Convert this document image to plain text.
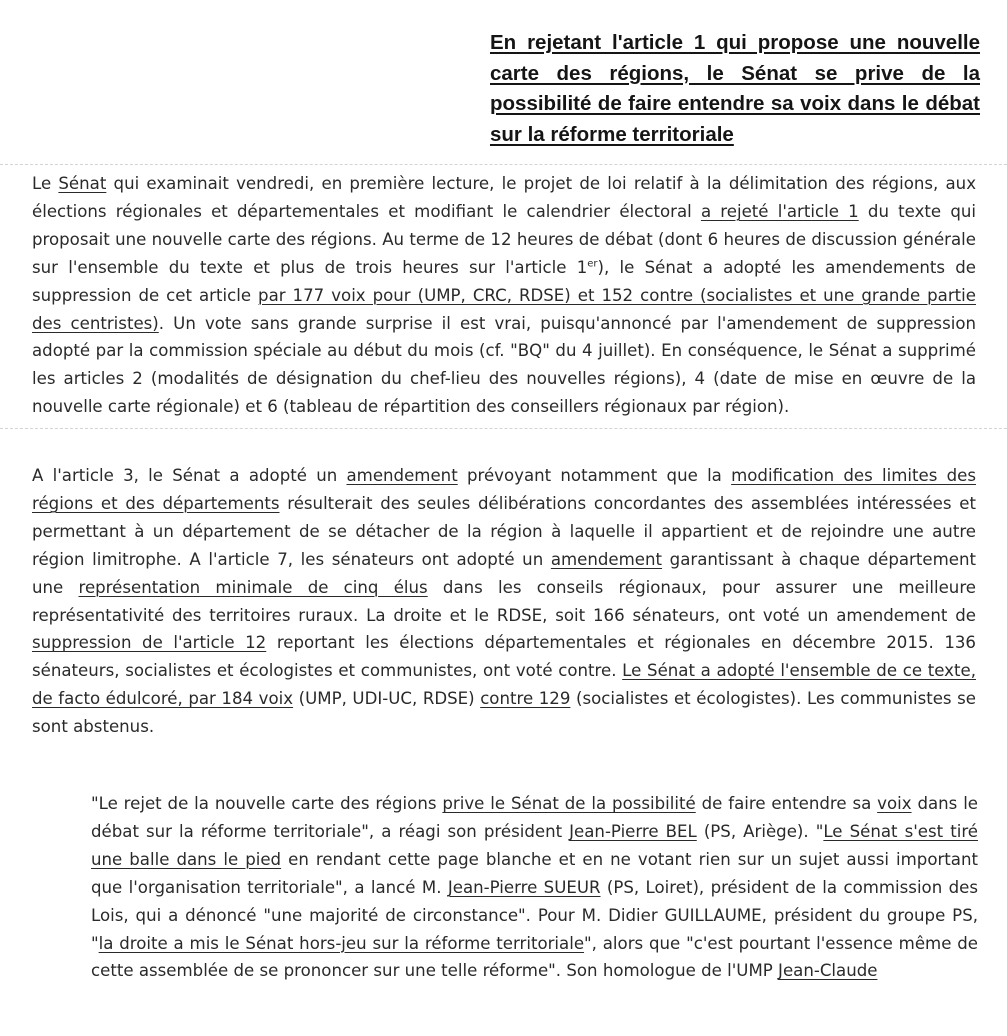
En rejetant l'article 1 qui propose une nouvelle carte des régions, le Sénat se prive de la possibilité de faire entendre sa voix dans le débat sur la réforme territoriale

Le Sénat qui examinait vendredi, en première lecture, le projet de loi relatif à la délimitation des régions, aux élections régionales et départementales et modifiant le calendrier électoral a rejeté l'article 1 du texte qui proposait une nouvelle carte des régions. Au terme de 12 heures de débat (dont 6 heures de discussion générale sur l'ensemble du texte et plus de trois heures sur l'article 1er), le Sénat a adopté les amendements de suppression de cet article par 177 voix pour (UMP, CRC, RDSE) et 152 contre (socialistes et une grande partie des centristes). Un vote sans grande surprise il est vrai, puisqu'annoncé par l'amendement de suppression adopté par la commission spéciale au début du mois (cf. "BQ" du 4 juillet). En conséquence, le Sénat a supprimé les articles 2 (modalités de désignation du chef-lieu des nouvelles régions), 4 (date de mise en œuvre de la nouvelle carte régionale) et 6 (tableau de répartition des conseillers régionaux par région).

A l'article 3, le Sénat a adopté un amendement prévoyant notamment que la modification des limites des régions et des départements résulterait des seules délibérations concordantes des assemblées intéressées et permettant à un département de se détacher de la région à laquelle il appartient et de rejoindre une autre région limitrophe. A l'article 7, les sénateurs ont adopté un amendement garantissant à chaque département une représentation minimale de cinq élus dans les conseils régionaux, pour assurer une meilleure représentativité des territoires ruraux. La droite et le RDSE, soit 166 sénateurs, ont voté un amendement de suppression de l'article 12 reportant les élections départementales et régionales en décembre 2015. 136 sénateurs, socialistes et écologistes et communistes, ont voté contre. Le Sénat a adopté l'ensemble de ce texte, de facto édulcoré, par 184 voix (UMP, UDI-UC, RDSE) contre 129 (socialistes et écologistes). Les communistes se sont abstenus.

"Le rejet de la nouvelle carte des régions prive le Sénat de la possibilité de faire entendre sa voix dans le débat sur la réforme territoriale", a réagi son président Jean-Pierre BEL (PS, Ariège). "Le Sénat s'est tiré une balle dans le pied en rendant cette page blanche et en ne votant rien sur un sujet aussi important que l'organisation territoriale", a lancé M. Jean-Pierre SUEUR (PS, Loiret), président de la commission des Lois, qui a dénoncé "une majorité de circonstance". Pour M. Didier GUILLAUME, président du groupe PS, "la droite a mis le Sénat hors-jeu sur la réforme territoriale", alors que "c'est pourtant l'essence même de cette assemblée de se prononcer sur une telle réforme". Son homologue de l'UMP Jean-Claude
